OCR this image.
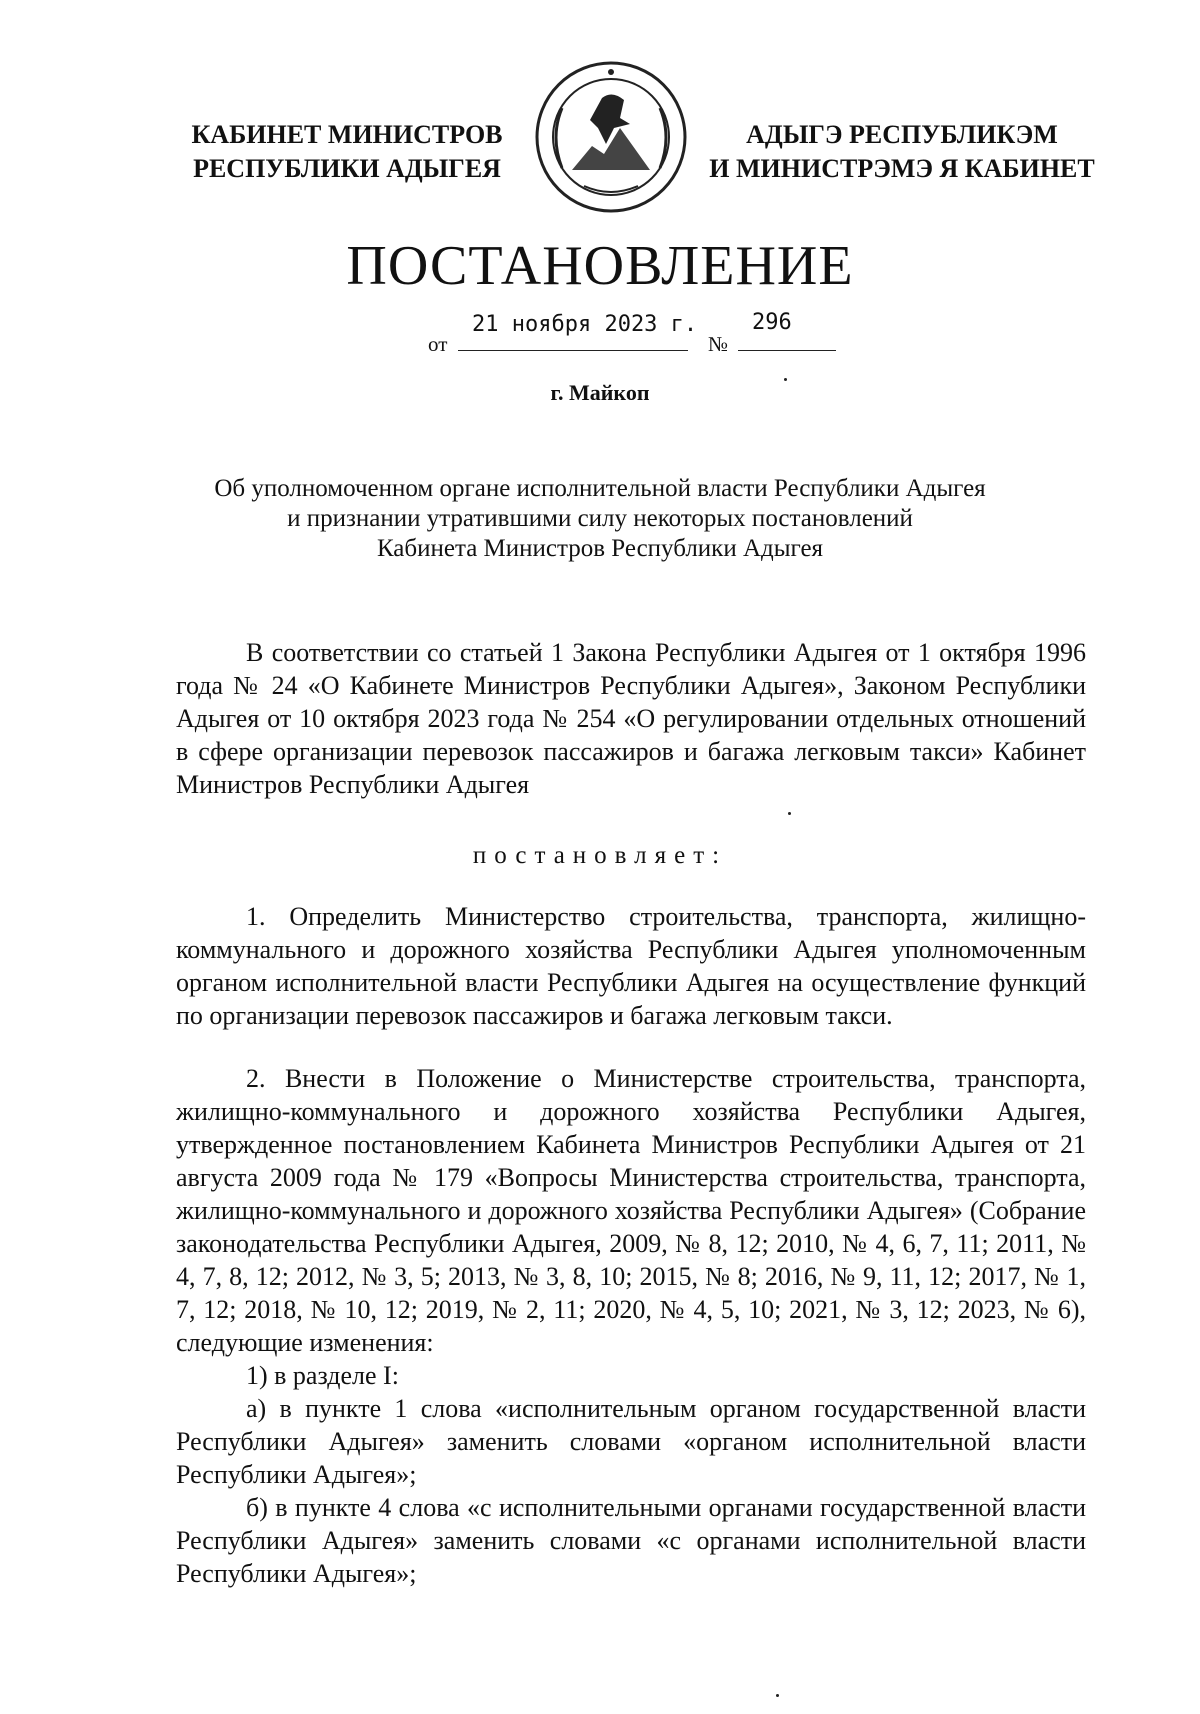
КАБИНЕТ МИНИСТРОВ
РЕСПУБЛИКИ АДЫГЕЯ
АДЫГЭ РЕСПУБЛИКЭМ
И МИНИСТРЭМЭ Я КАБИНЕТ
ПОСТАНОВЛЕНИЕ
от
21 ноября 2023 г.
№
296
г. Майкоп
Об уполномоченном органе исполнительной власти Республики Адыгея
и признании утратившими силу некоторых постановлений
Кабинета Министров Республики Адыгея

В соответствии со статьей 1 Закона Республики Адыгея от 1 октября 1996 года № 24 «О Кабинете Министров Республики Адыгея», Законом Республики Адыгея от 10 октября 2023 года № 254 «О регулировании отдельных отношений в сфере организации перевозок пассажиров и багажа легковым такси» Кабинет Министров Республики Адыгея

постановляет:

1. Определить Министерство строительства, транспорта, жилищно-коммунального и дорожного хозяйства Республики Адыгея уполномоченным органом исполнительной власти Республики Адыгея на осуществление функций по организации перевозок пассажиров и багажа легковым такси.

2. Внести в Положение о Министерстве строительства, транспорта, жилищно-коммунального и дорожного хозяйства Республики Адыгея, утвержденное постановлением Кабинета Министров Республики Адыгея от 21 августа 2009 года № 179 «Вопросы Министерства строительства, транспорта, жилищно-коммунального и дорожного хозяйства Республики Адыгея» (Собрание законодательства Республики Адыгея, 2009, № 8, 12; 2010, № 4, 6, 7, 11; 2011, № 4, 7, 8, 12; 2012, № 3, 5; 2013, № 3, 8, 10; 2015, № 8; 2016, № 9, 11, 12; 2017, № 1, 7, 12; 2018, № 10, 12; 2019, № 2, 11; 2020, № 4, 5, 10; 2021, № 3, 12; 2023, № 6), следующие изменения:

1) в разделе I:

а) в пункте 1 слова «исполнительным органом государственной власти Республики Адыгея» заменить словами «органом исполнительной власти Республики Адыгея»;

б) в пункте 4 слова «с исполнительными органами государственной власти Республики Адыгея» заменить словами «с органами исполнительной власти Республики Адыгея»;
